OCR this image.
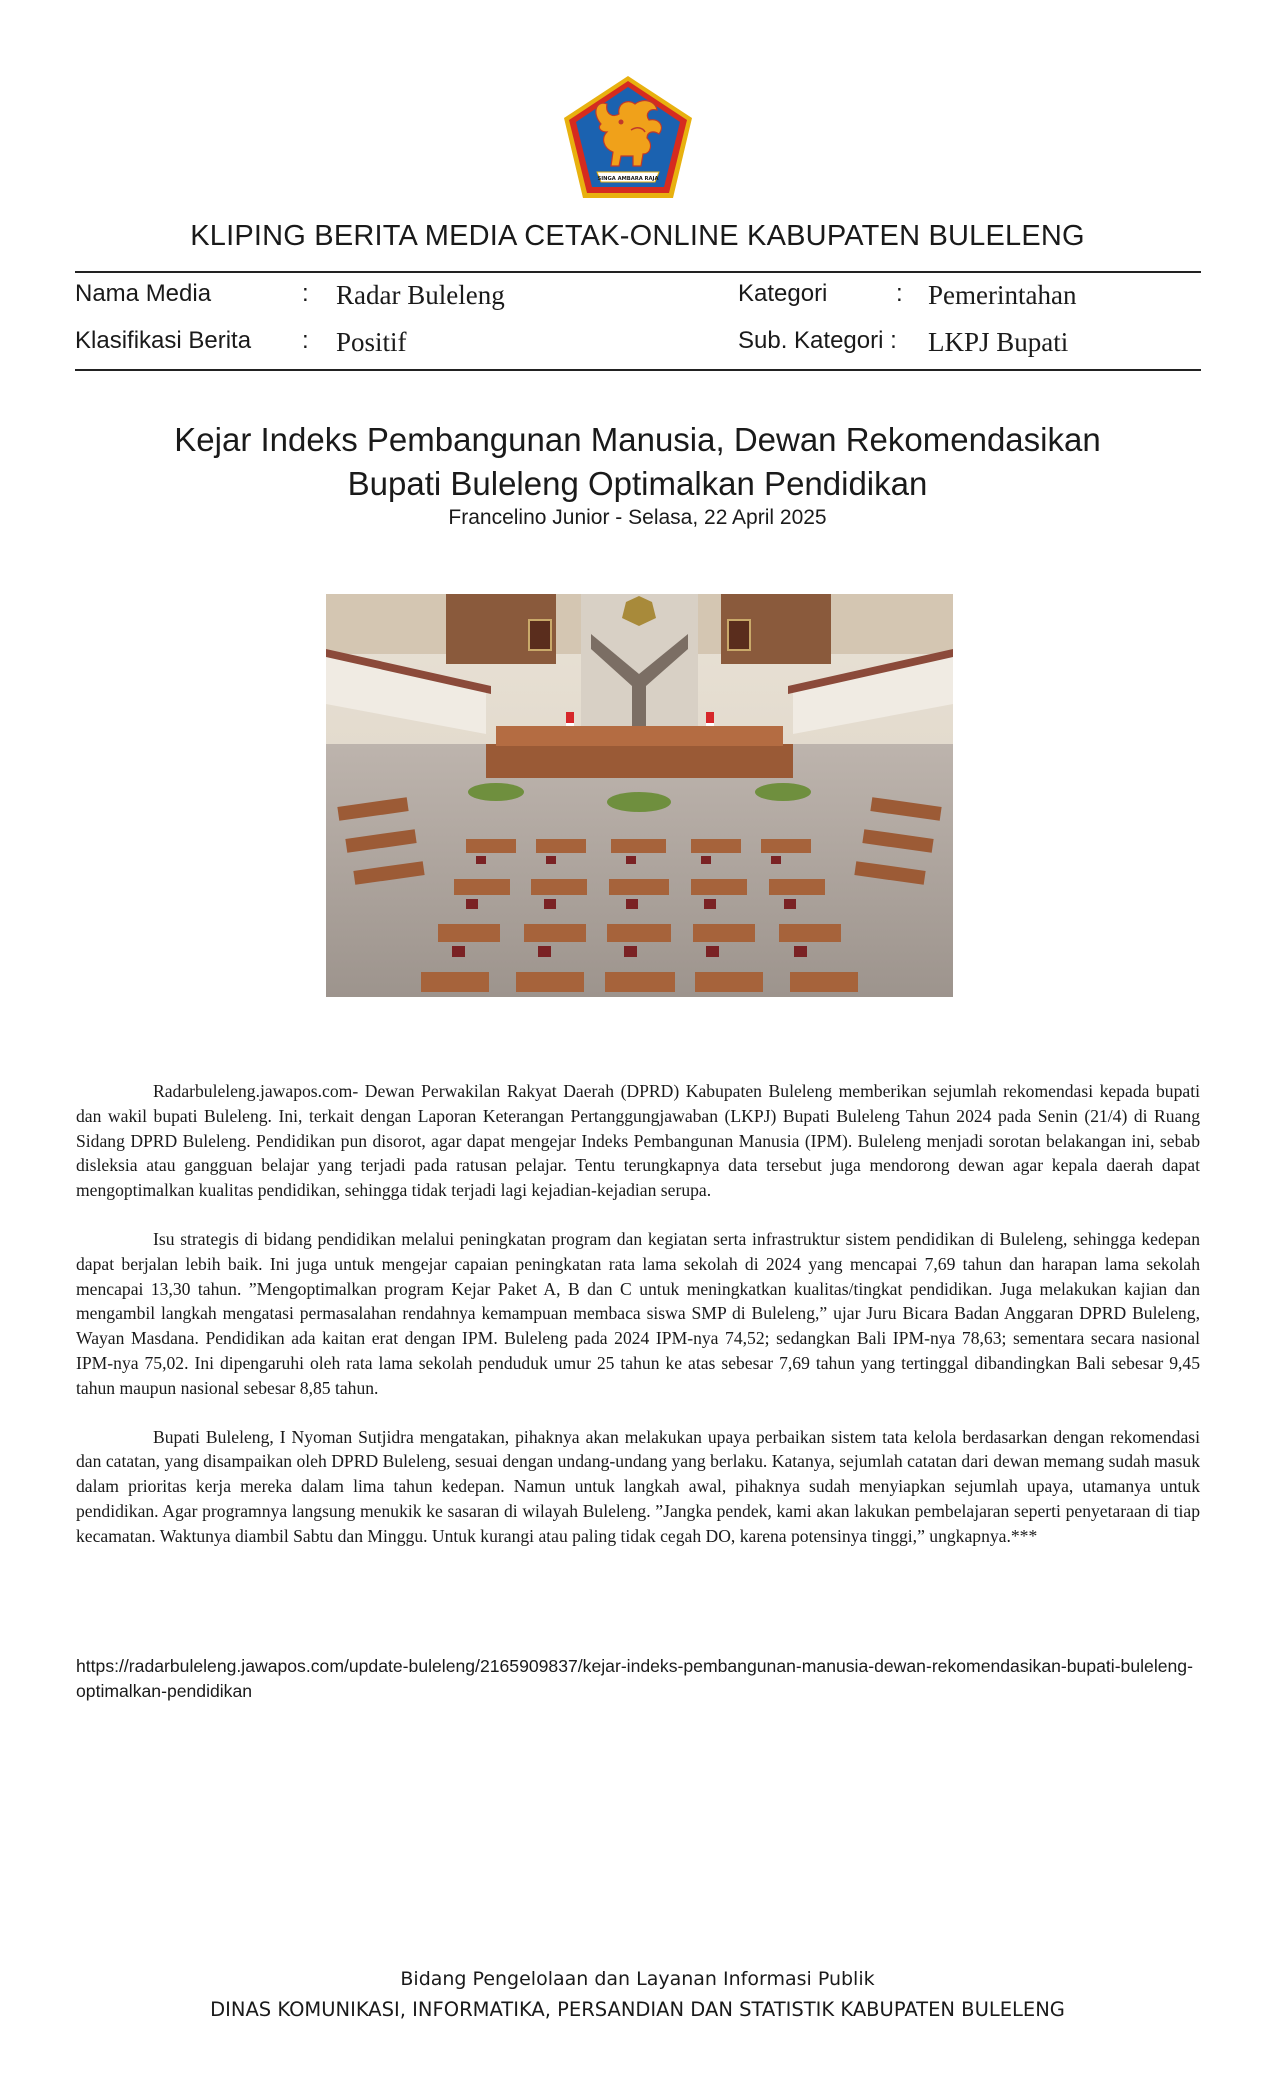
SINGA AMBARA RAJA
KLIPING BERITA MEDIA CETAK-ONLINE KABUPATEN BULELENG
Nama Media	: Radar Buleleng	Kategori	: Pemerintahan
Klasifikasi Berita : Positif	Sub. Kategori : LKPJ Bupati
Kejar Indeks Pembangunan Manusia, Dewan Rekomendasikan
Bupati Buleleng Optimalkan Pendidikan
Francelino Junior - Selasa, 22 April 2025

Radarbuleleng.jawapos.com- Dewan Perwakilan Rakyat Daerah (DPRD) Kabupaten Buleleng memberikan sejumlah rekomendasi kepada bupati dan wakil bupati Buleleng. Ini, terkait dengan Laporan Keterangan Pertanggungjawaban (LKPJ) Bupati Buleleng Tahun 2024 pada Senin (21/4) di Ruang Sidang DPRD Buleleng. Pendidikan pun disorot, agar dapat mengejar Indeks Pembangunan Manusia (IPM). Buleleng menjadi sorotan belakangan ini, sebab disleksia atau gangguan belajar yang terjadi pada ratusan pelajar. Tentu terungkapnya data tersebut juga mendorong dewan agar kepala daerah dapat mengoptimalkan kualitas pendidikan, sehingga tidak terjadi lagi kejadian-kejadian serupa.

Isu strategis di bidang pendidikan melalui peningkatan program dan kegiatan serta infrastruktur sistem pendidikan di Buleleng, sehingga kedepan dapat berjalan lebih baik. Ini juga untuk mengejar capaian peningkatan rata lama sekolah di 2024 yang mencapai 7,69 tahun dan harapan lama sekolah mencapai 13,30 tahun. ”Mengoptimalkan program Kejar Paket A, B dan C untuk meningkatkan kualitas/tingkat pendidikan. Juga melakukan kajian dan mengambil langkah mengatasi permasalahan rendahnya kemampuan membaca siswa SMP di Buleleng,” ujar Juru Bicara Badan Anggaran DPRD Buleleng, Wayan Masdana. Pendidikan ada kaitan erat dengan IPM. Buleleng pada 2024 IPM-nya 74,52; sedangkan Bali IPM-nya 78,63; sementara secara nasional IPM-nya 75,02. Ini dipengaruhi oleh rata lama sekolah penduduk umur 25 tahun ke atas sebesar 7,69 tahun yang tertinggal dibandingkan Bali sebesar 9,45 tahun maupun nasional sebesar 8,85 tahun.

Bupati Buleleng, I Nyoman Sutjidra mengatakan, pihaknya akan melakukan upaya perbaikan sistem tata kelola berdasarkan dengan rekomendasi dan catatan, yang disampaikan oleh DPRD Buleleng, sesuai dengan undang-undang yang berlaku. Katanya, sejumlah catatan dari dewan memang sudah masuk dalam prioritas kerja mereka dalam lima tahun kedepan. Namun untuk langkah awal, pihaknya sudah menyiapkan sejumlah upaya, utamanya untuk pendidikan. Agar programnya langsung menukik ke sasaran di wilayah Buleleng. ”Jangka pendek, kami akan lakukan pembelajaran seperti penyetaraan di tiap kecamatan. Waktunya diambil Sabtu dan Minggu. Untuk kurangi atau paling tidak cegah DO, karena potensinya tinggi,” ungkapnya.***

https://radarbuleleng.jawapos.com/update-buleleng/2165909837/kejar-indeks-pembangunan-manusia-dewan-rekomendasikan-bupati-buleleng-optimalkan-pendidikan
Bidang Pengelolaan dan Layanan Informasi Publik
DINAS KOMUNIKASI, INFORMATIKA, PERSANDIAN DAN STATISTIK KABUPATEN BULELENG
